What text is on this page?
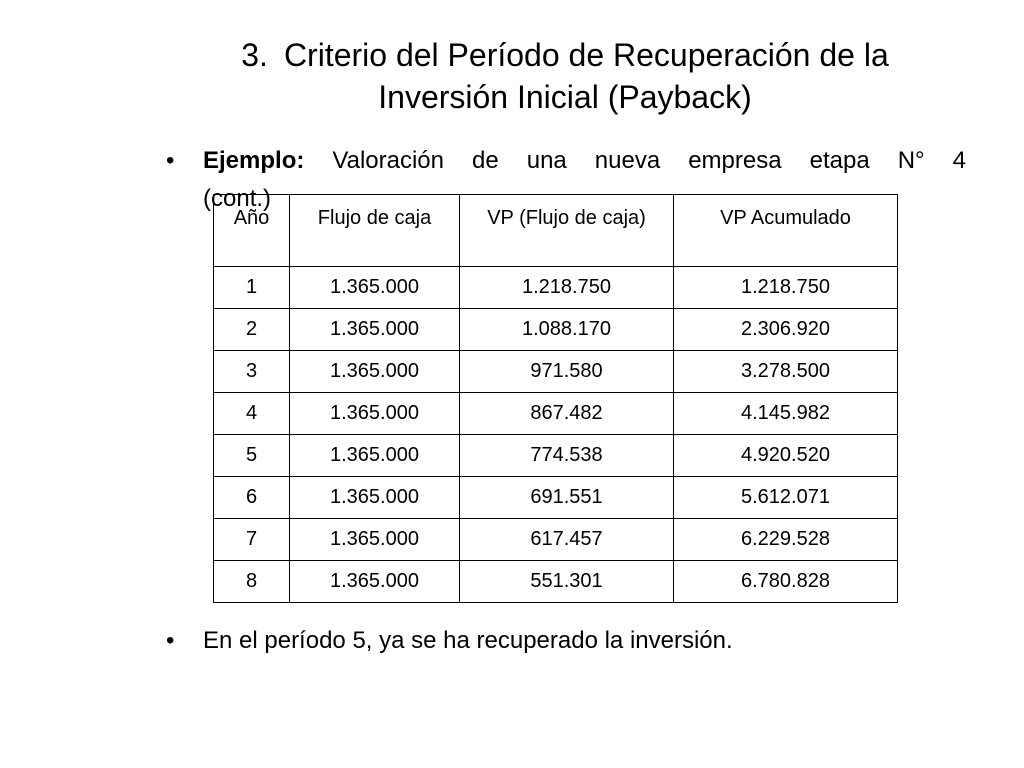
3. Criterio del Período de Recuperación de la
Inversión Inicial (Payback)
• Ejemplo: Valoración de una nueva empresa etapa N° 4
(cont.)
Año	Flujo de caja	VP (Flujo de caja)	VP Acumulado
1	1.365.000	1.218.750	1.218.750
2	1.365.000	1.088.170	2.306.920
3	1.365.000	971.580	3.278.500
4	1.365.000	867.482	4.145.982
5	1.365.000	774.538	4.920.520
6	1.365.000	691.551	5.612.071
7	1.365.000	617.457	6.229.528
8	1.365.000	551.301	6.780.828
• En el período 5, ya se ha recuperado la inversión.
